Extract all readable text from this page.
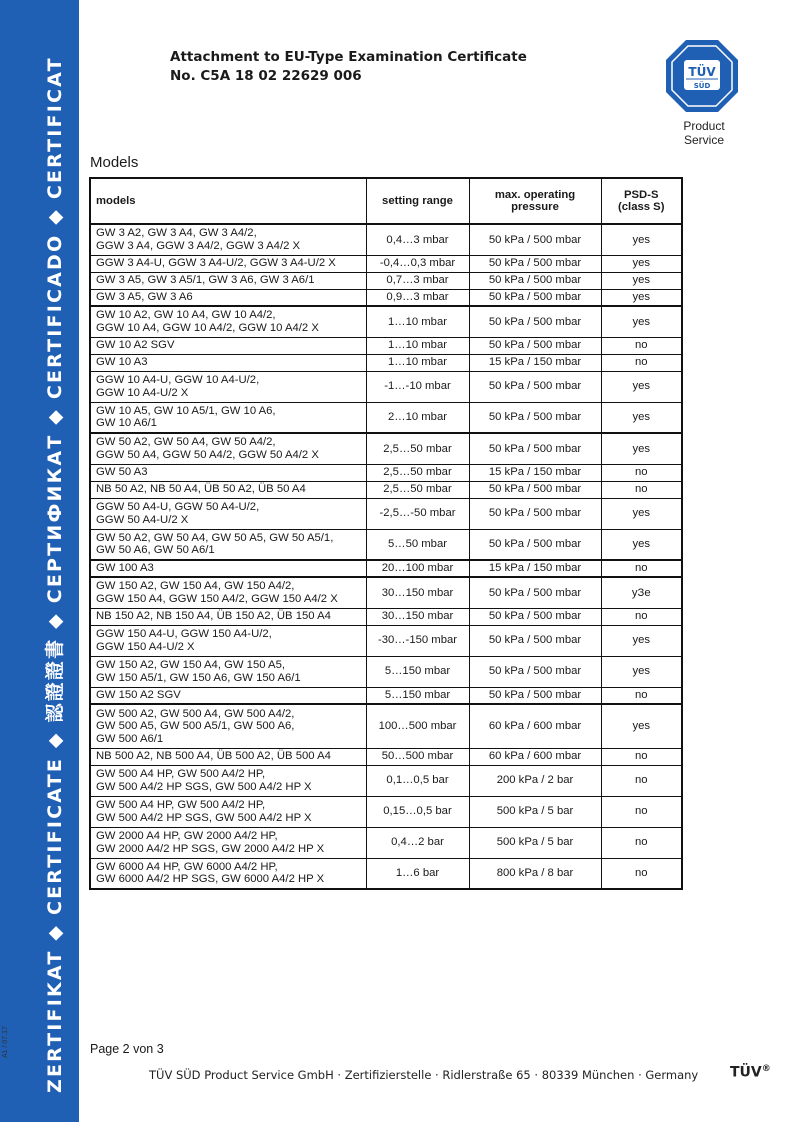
ZERTIFIKAT ◆ CERTIFICATE ◆ 認證證書 ◆ СЕРТИФИКАТ ◆ CERTIFICADO ◆ CERTIFICAT
A1 / 07.17
Attachment to EU-Type Examination Certificate
No. C5A 18 02 22629 006	TÜV
SÜD
Product Service
Models
models	setting range	max. operating pressure	PSD-S (class S)

GW 3 A2, GW 3 A4, GW 3 A4/2,
GGW 3 A4, GGW 3 A4/2, GGW 3 A4/2 X	0,4…3 mbar	50 kPa / 500 mbar	yes

GGW 3 A4-U, GGW 3 A4-U/2, GGW 3 A4-U/2 X	-0,4…0,3 mbar	50 kPa / 500 mbar	yes

GW 3 A5, GW 3 A5/1, GW 3 A6, GW 3 A6/1	0,7…3 mbar	50 kPa / 500 mbar	yes

GW 3 A5, GW 3 A6	0,9…3 mbar	50 kPa / 500 mbar	yes

GW 10 A2, GW 10 A4, GW 10 A4/2,
GGW 10 A4, GGW 10 A4/2, GGW 10 A4/2 X	1…10 mbar	50 kPa / 500 mbar	yes

GW 10 A2 SGV	1…10 mbar	50 kPa / 500 mbar	no

GW 10 A3	1…10 mbar	15 kPa / 150 mbar	no

GGW 10 A4-U, GGW 10 A4-U/2,
GGW 10 A4-U/2 X	-1…-10 mbar	50 kPa / 500 mbar	yes

GW 10 A5, GW 10 A5/1, GW 10 A6,
GW 10 A6/1	2…10 mbar	50 kPa / 500 mbar	yes

GW 50 A2, GW 50 A4, GW 50 A4/2,
GGW 50 A4, GGW 50 A4/2, GGW 50 A4/2 X	2,5…50 mbar	50 kPa / 500 mbar	yes

GW 50 A3	2,5…50 mbar	15 kPa / 150 mbar	no

NB 50 A2, NB 50 A4, ÜB 50 A2, ÜB 50 A4	2,5…50 mbar	50 kPa / 500 mbar	no

GGW 50 A4-U, GGW 50 A4-U/2,
GGW 50 A4-U/2 X	-2,5…-50 mbar	50 kPa / 500 mbar	yes

GW 50 A2, GW 50 A4, GW 50 A5, GW 50 A5/1,
GW 50 A6, GW 50 A6/1	5…50 mbar	50 kPa / 500 mbar	yes

GW 100 A3	20…100 mbar	15 kPa / 150 mbar	no

GW 150 A2, GW 150 A4, GW 150 A4/2,
GGW 150 A4, GGW 150 A4/2, GGW 150 A4/2 X	30…150 mbar	50 kPa / 500 mbar	уЗе

NB 150 A2, NB 150 A4, ÜB 150 A2, ÜB 150 A4	30…150 mbar	50 kPa / 500 mbar	no

GGW 150 A4-U, GGW 150 A4-U/2,
GGW 150 A4-U/2 X	-30…-150 mbar	50 kPa / 500 mbar	yes

GW 150 A2, GW 150 A4, GW 150 A5,
GW 150 A5/1, GW 150 A6, GW 150 A6/1	5…150 mbar	50 kPa / 500 mbar	yes

GW 150 A2 SGV	5…150 mbar	50 kPa / 500 mbar	no

GW 500 A2, GW 500 A4, GW 500 A4/2,
GW 500 A5, GW 500 A5/1, GW 500 A6,
GW 500 A6/1	100…500 mbar	60 kPa / 600 mbar	yes

NB 500 A2, NB 500 A4, ÜB 500 A2, ÜB 500 A4	50…500 mbar	60 kPa / 600 mbar	no

GW 500 A4 HP, GW 500 A4/2 HP,
GW 500 A4/2 HP SGS, GW 500 A4/2 HP X	0,1…0,5 bar	200 kPa / 2 bar	no

GW 500 A4 HP, GW 500 A4/2 HP,
GW 500 A4/2 HP SGS, GW 500 A4/2 HP X	0,15…0,5 bar	500 kPa / 5 bar	no

GW 2000 A4 HP, GW 2000 A4/2 HP,
GW 2000 A4/2 HP SGS, GW 2000 A4/2 HP X	0,4…2 bar	500 kPa / 5 bar	no

GW 6000 A4 HP, GW 6000 A4/2 HP,
GW 6000 A4/2 HP SGS, GW 6000 A4/2 HP X	1…6 bar	800 kPa / 8 bar	no
Page 2 von 3
TÜV SÜD Product Service GmbH · Zertifizierstelle · Ridlerstraße 65 · 80339 München · Germany TÜV®
